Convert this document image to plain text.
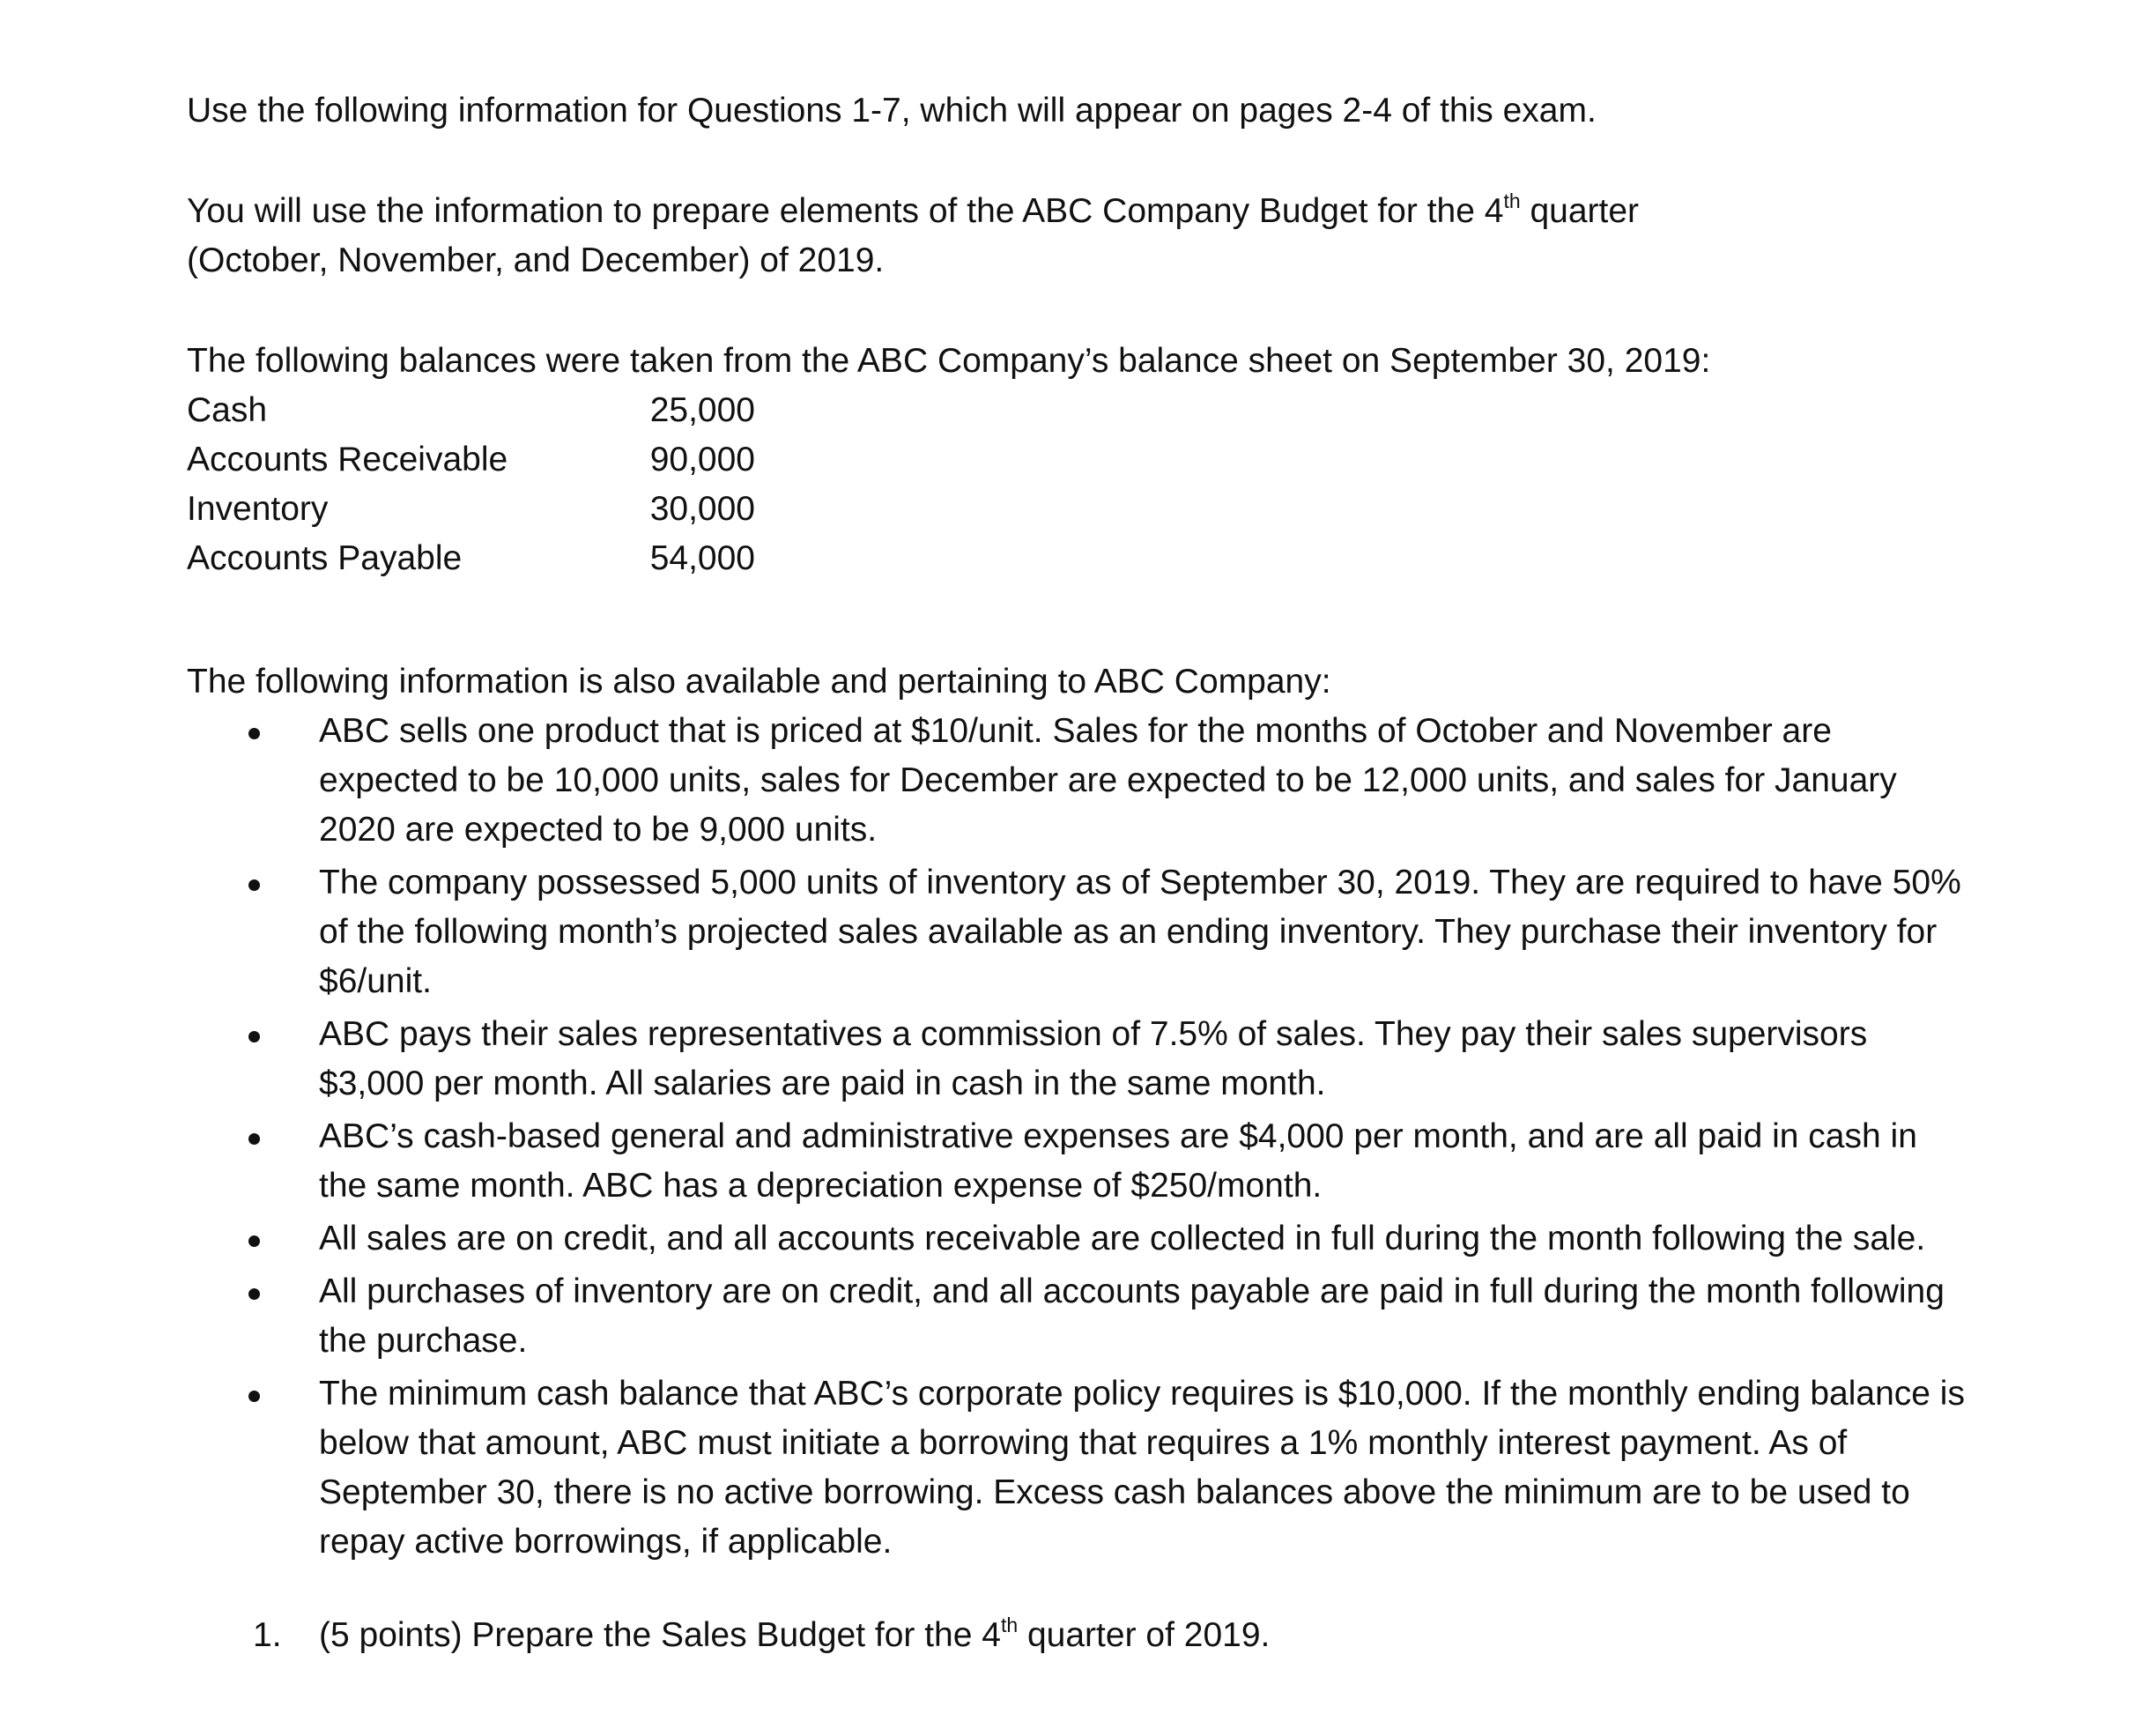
Use the following information for Questions 1-7, which will appear on pages 2-4 of this exam.

You will use the information to prepare elements of the ABC Company Budget for the 4th quarter (October, November, and December) of 2019.

The following balances were taken from the ABC Company’s balance sheet on September 30, 2019:

Cash	25,000
Accounts Receivable	90,000
Inventory	30,000
Accounts Payable	54,000

The following information is also available and pertaining to ABC Company:

ABC sells one product that is priced at $10/unit. Sales for the months of October and November are expected to be 10,000 units, sales for December are expected to be 12,000 units, and sales for January 2020 are expected to be 9,000 units.
The company possessed 5,000 units of inventory as of September 30, 2019. They are required to have 50% of the following month’s projected sales available as an ending inventory. They purchase their inventory for $6/unit.
ABC pays their sales representatives a commission of 7.5% of sales. They pay their sales supervisors $3,000 per month. All salaries are paid in cash in the same month.
ABC’s cash-based general and administrative expenses are $4,000 per month, and are all paid in cash in the same month. ABC has a depreciation expense of $250/month.
All sales are on credit, and all accounts receivable are collected in full during the month following the sale.
All purchases of inventory are on credit, and all accounts payable are paid in full during the month following the purchase.
The minimum cash balance that ABC’s corporate policy requires is $10,000. If the monthly ending balance is below that amount, ABC must initiate a borrowing that requires a 1% monthly interest payment. As of September 30, there is no active borrowing. Excess cash balances above the minimum are to be used to repay active borrowings, if applicable.

1. (5 points) Prepare the Sales Budget for the 4th quarter of 2019.
